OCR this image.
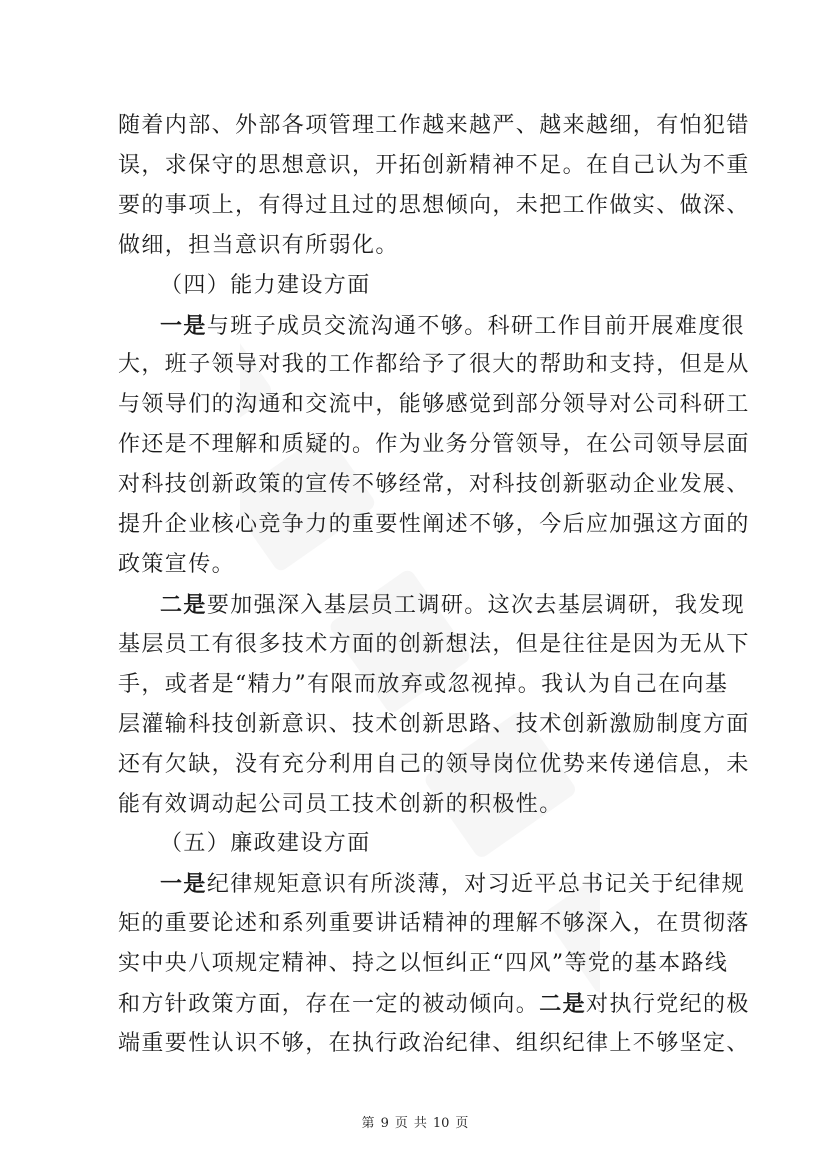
随着内部、外部各项管理工作越来越严、越来越细，有怕犯错
误，求保守的思想意识，开拓创新精神不足。在自己认为不重
要的事项上，有得过且过的思想倾向，未把工作做实、做深、
做细，担当意识有所弱化。
（四）能力建设方面
一是与班子成员交流沟通不够。科研工作目前开展难度很
大，班子领导对我的工作都给予了很大的帮助和支持，但是从
与领导们的沟通和交流中，能够感觉到部分领导对公司科研工
作还是不理解和质疑的。作为业务分管领导，在公司领导层面
对科技创新政策的宣传不够经常，对科技创新驱动企业发展、
提升企业核心竞争力的重要性阐述不够，今后应加强这方面的
政策宣传。
二是要加强深入基层员工调研。这次去基层调研，我发现
基层员工有很多技术方面的创新想法，但是往往是因为无从下
手，或者是“精力”有限而放弃或忽视掉。我认为自己在向基
层灌输科技创新意识、技术创新思路、技术创新激励制度方面
还有欠缺，没有充分利用自己的领导岗位优势来传递信息，未
能有效调动起公司员工技术创新的积极性。
（五）廉政建设方面
一是纪律规矩意识有所淡薄，对习近平总书记关于纪律规
矩的重要论述和系列重要讲话精神的理解不够深入，在贯彻落
实中央八项规定精神、持之以恒纠正“四风”等党的基本路线
和方针政策方面，存在一定的被动倾向。二是对执行党纪的极
端重要性认识不够，在执行政治纪律、组织纪律上不够坚定、
第 9 页 共 10 页
